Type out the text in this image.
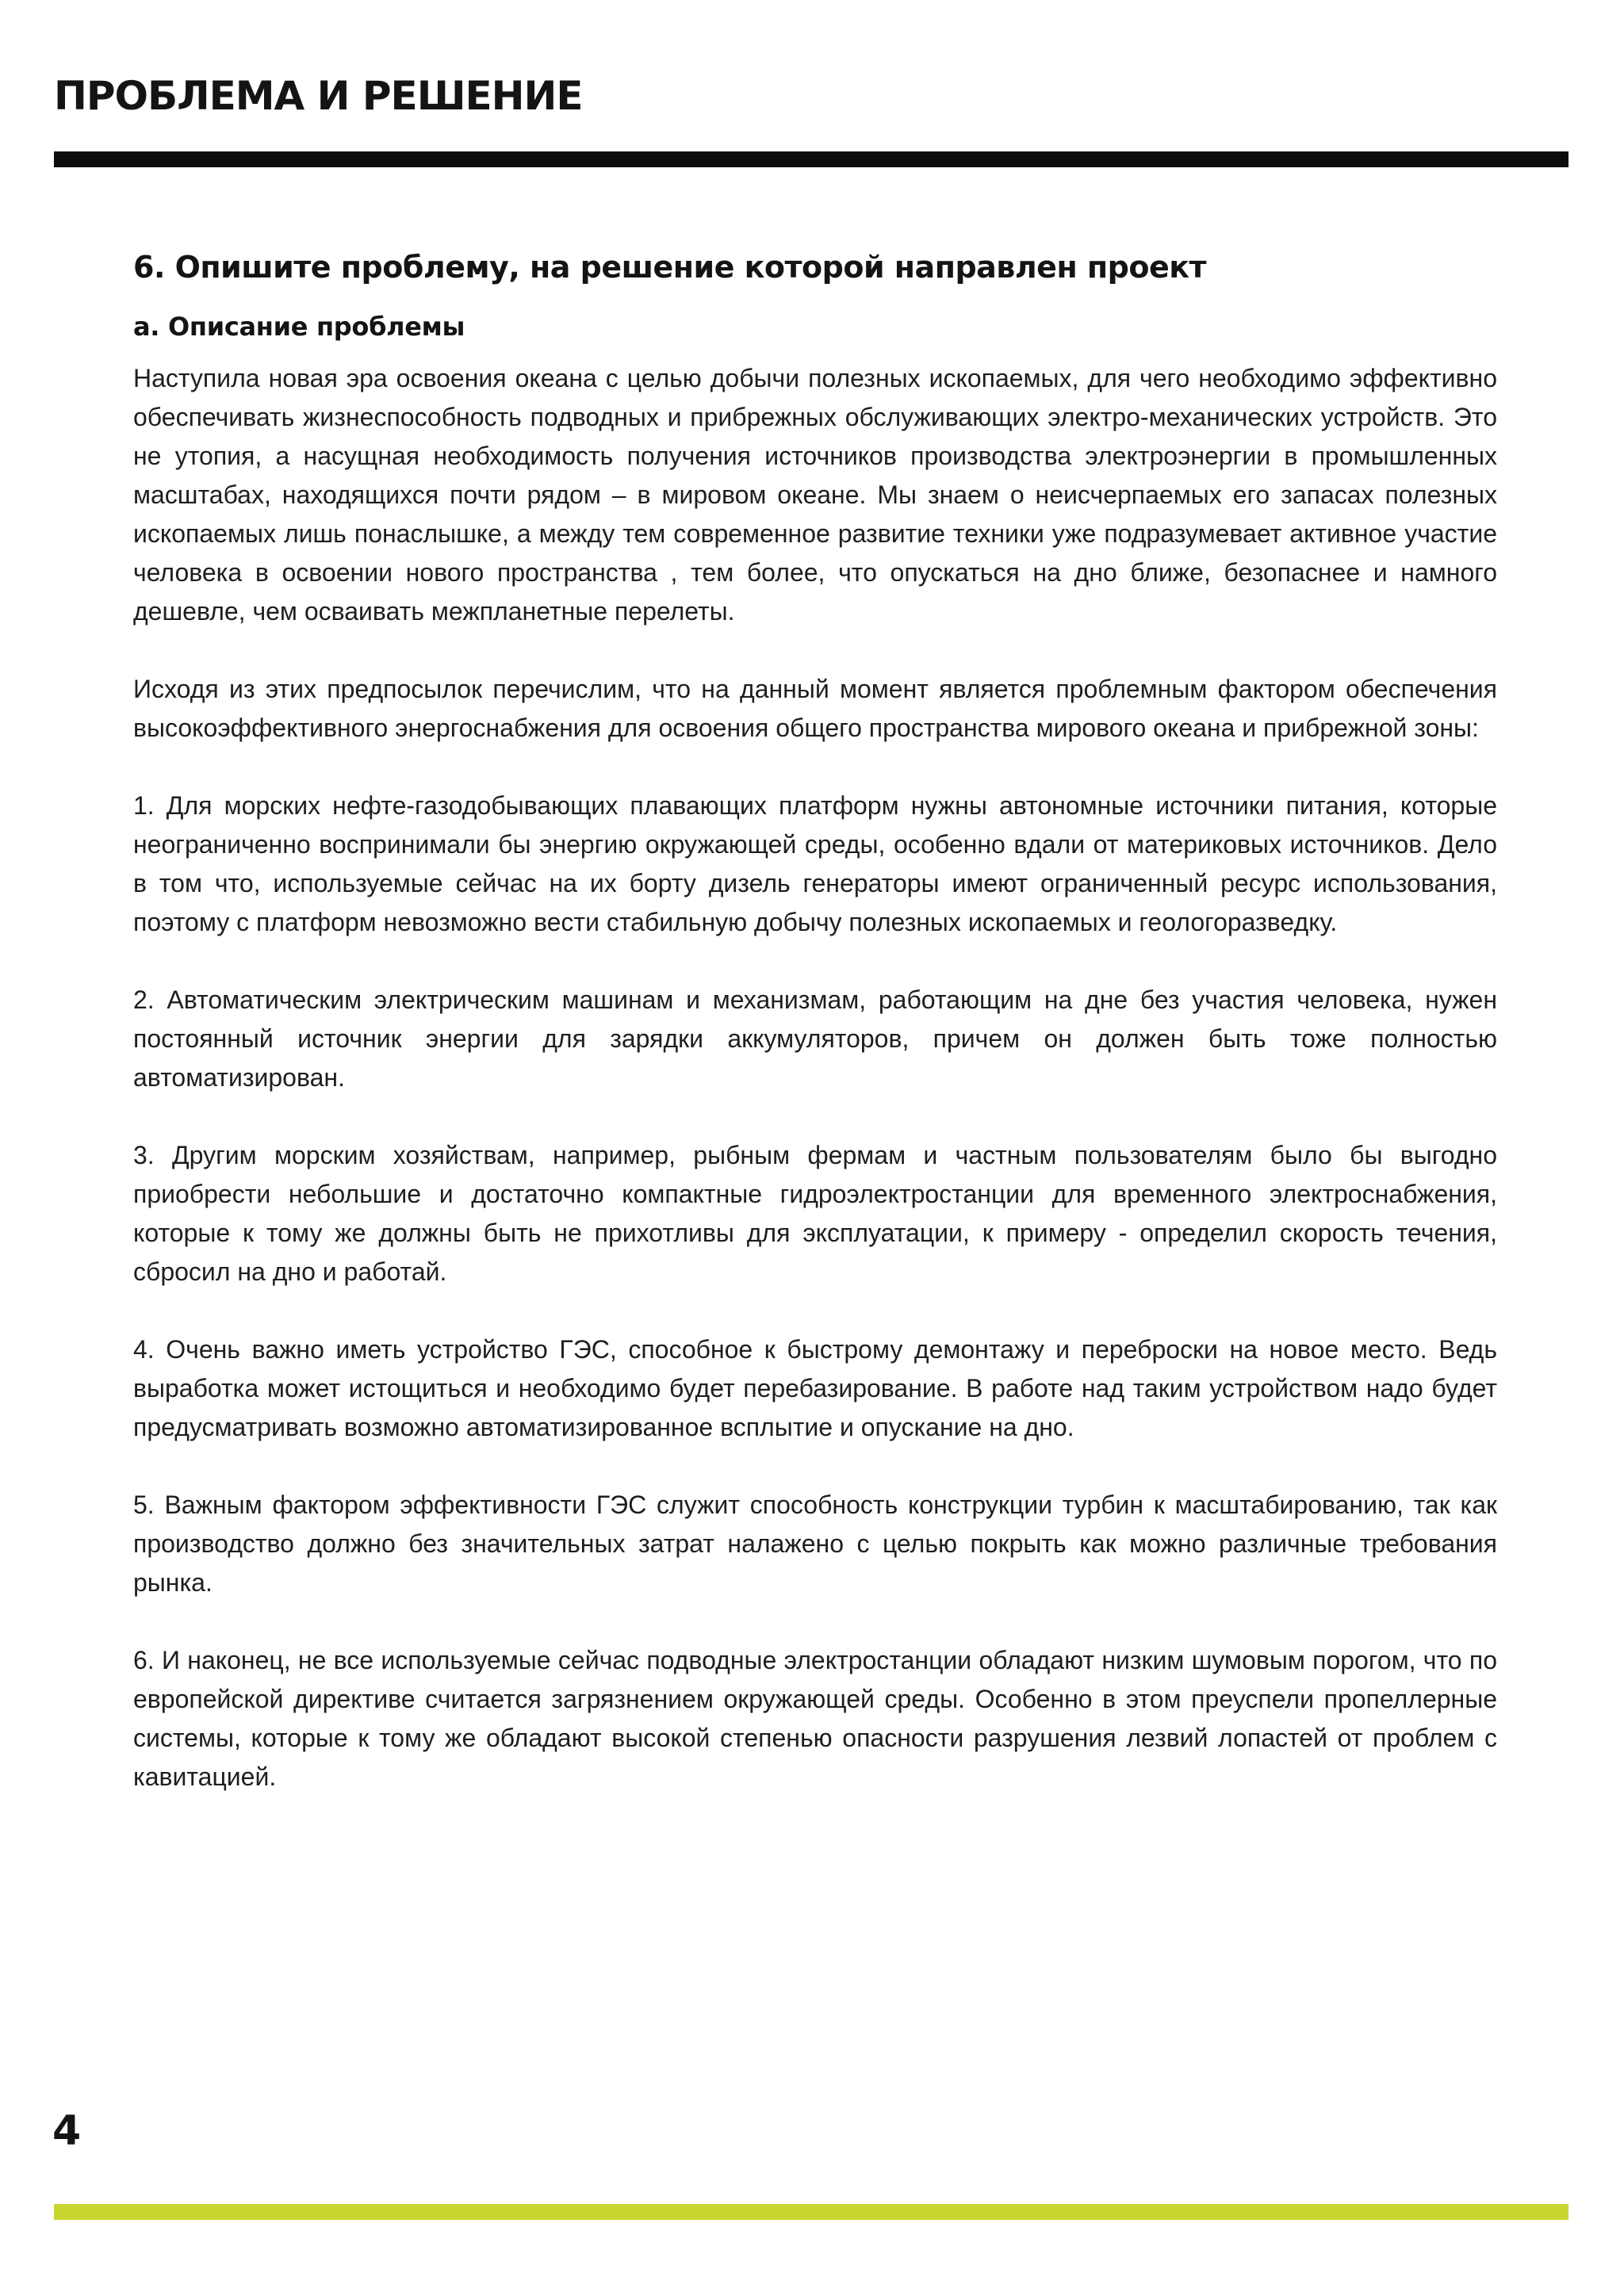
ПРОБЛЕМА И РЕШЕНИЕ
6. Опишите проблему, на решение которой направлен проект
а. Описание проблемы

Наступила новая эра освоения океана с целью добычи полезных ископаемых, для чего необходимо эффективно обеспечивать жизнеспособность подводных и прибрежных обслуживающих электро-механических устройств. Это не утопия, а насущная необходимость получения источников производства электроэнергии в промышленных масштабах, находящихся почти рядом – в мировом океане. Мы знаем о неисчерпаемых его запасах полезных ископаемых лишь понаслышке, а между тем современное развитие техники уже подразумевает активное участие человека в освоении нового пространства , тем более, что опускаться на дно ближе, безопаснее и намного дешевле, чем осваивать межпланетные перелеты.

Исходя из этих предпосылок перечислим, что на данный момент является проблемным фактором обеспечения высокоэффективного энергоснабжения для освоения общего пространства мирового океана и прибрежной зоны:

1. Для морских нефте-газодобывающих плавающих платформ нужны автономные источники питания, которые неограниченно воспринимали бы энергию окружающей среды, особенно вдали от материковых источников. Дело в том что, используемые сейчас на их борту дизель генераторы имеют ограниченный ресурс использования, поэтому с платформ невозможно вести стабильную добычу полезных ископаемых и геологоразведку.

2. Автоматическим электрическим машинам и механизмам, работающим на дне без участия человека, нужен постоянный источник энергии для зарядки аккумуляторов, причем он должен быть тоже полностью автоматизирован.

3. Другим морским хозяйствам, например, рыбным фермам и частным пользователям было бы выгодно приобрести небольшие и достаточно компактные гидроэлектростанции для временного электроснабжения, которые к тому же должны быть не прихотливы для эксплуатации, к примеру - определил скорость течения, сбросил на дно и работай.

4. Очень важно иметь устройство ГЭС, способное к быстрому демонтажу и переброски на новое место. Ведь выработка может истощиться и необходимо будет перебазирование. В работе над таким устройством надо будет предусматривать возможно автоматизированное всплытие и опускание на дно.

5. Важным фактором эффективности ГЭС служит способность конструкции турбин к масштабированию, так как производство должно без значительных затрат налажено с целью покрыть как можно различные требования рынка.

6. И наконец, не все используемые сейчас подводные электростанции обладают низким шумовым порогом, что по европейской директиве считается загрязнением окружающей среды. Особенно в этом преуспели пропеллерные системы, которые к тому же обладают высокой степенью опасности разрушения лезвий лопастей от проблем с кавитацией.

4
